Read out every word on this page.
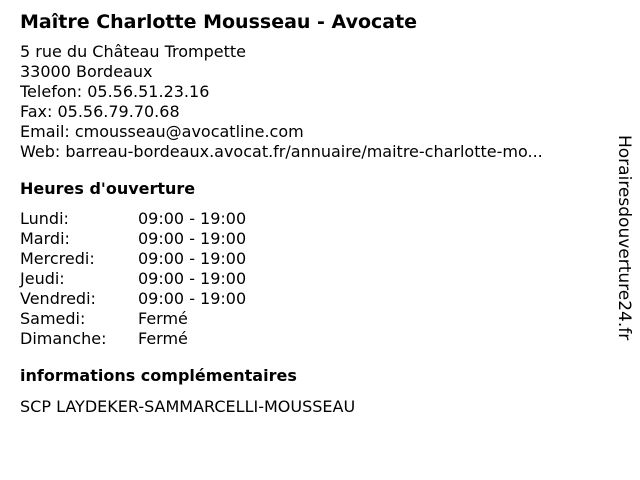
Maître Charlotte Mousseau - Avocate
5 rue du Château Trompette
33000 Bordeaux
Telefon: 05.56.51.23.16
Fax: 05.56.79.70.68
Email: cmousseau@avocatline.com
Web: barreau-bordeaux.avocat.fr/annuaire/maitre-charlotte-mo...
Heures d'ouverture
Lundi:	09:00 - 19:00
Mardi:	09:00 - 19:00
Mercredi:	09:00 - 19:00
Jeudi:	09:00 - 19:00
Vendredi:	09:00 - 19:00
Samedi:	Fermé
Dimanche:	Fermé
informations complémentaires
SCP LAYDEKER-SAMMARCELLI-MOUSSEAU
Horairesdouverture24.fr
